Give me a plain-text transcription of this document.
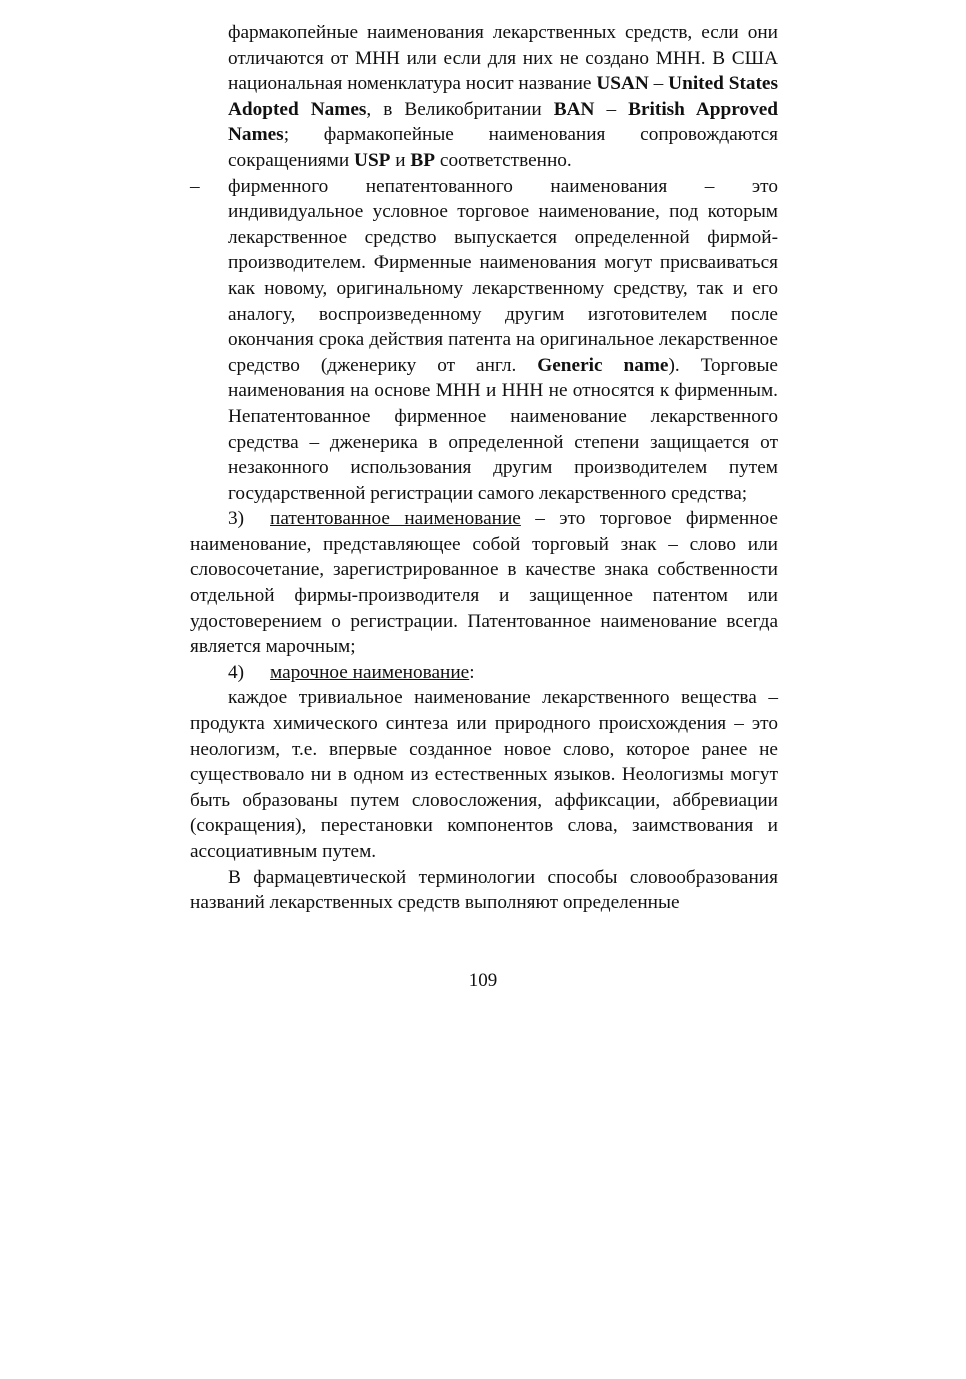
фармакопейные наименования лекарственных средств, если они отличаются от МНН или если для них не создано МНН. В США национальная номенклатура носит название USAN – United States Adopted Names, в Великобритании BAN – British Approved Names; фармакопейные наименования сопровождаются сокращениями USP и BP соответственно.

– фирменного непатентованного наименования – это индивидуальное условное торговое наименование, под которым лекарственное средство выпускается определенной фирмой-производителем. Фирменные наименования могут присваиваться как новому, оригинальному лекарственному средству, так и его аналогу, воспроизведенному другим изготовителем после окончания срока действия патента на оригинальное лекарственное средство (дженерику от англ. Generic name). Торговые наименования на основе МНН и ННН не относятся к фирменным. Непатентованное фирменное наименование лекарственного средства – дженерика в определенной степени защищается от незаконного использования другим производителем путем государственной регистрации самого лекарственного средства;

3) патентованное наименование – это торговое фирменное наименование, представляющее собой торговый знак – слово или словосочетание, зарегистрированное в качестве знака собственности отдельной фирмы-производителя и защищенное патентом или удостоверением о регистрации. Патентованное наименование всегда является марочным;

4) марочное наименование:

каждое тривиальное наименование лекарственного вещества – продукта химического синтеза или природного происхождения – это неологизм, т.е. впервые созданное новое слово, которое ранее не существовало ни в одном из естественных языков. Неологизмы могут быть образованы путем словосложения, аффиксации, аббревиации (сокращения), перестановки компонентов слова, заимствования и ассоциативным путем.

В фармацевтической терминологии способы словообразования названий лекарственных средств выполняют определенные

109
